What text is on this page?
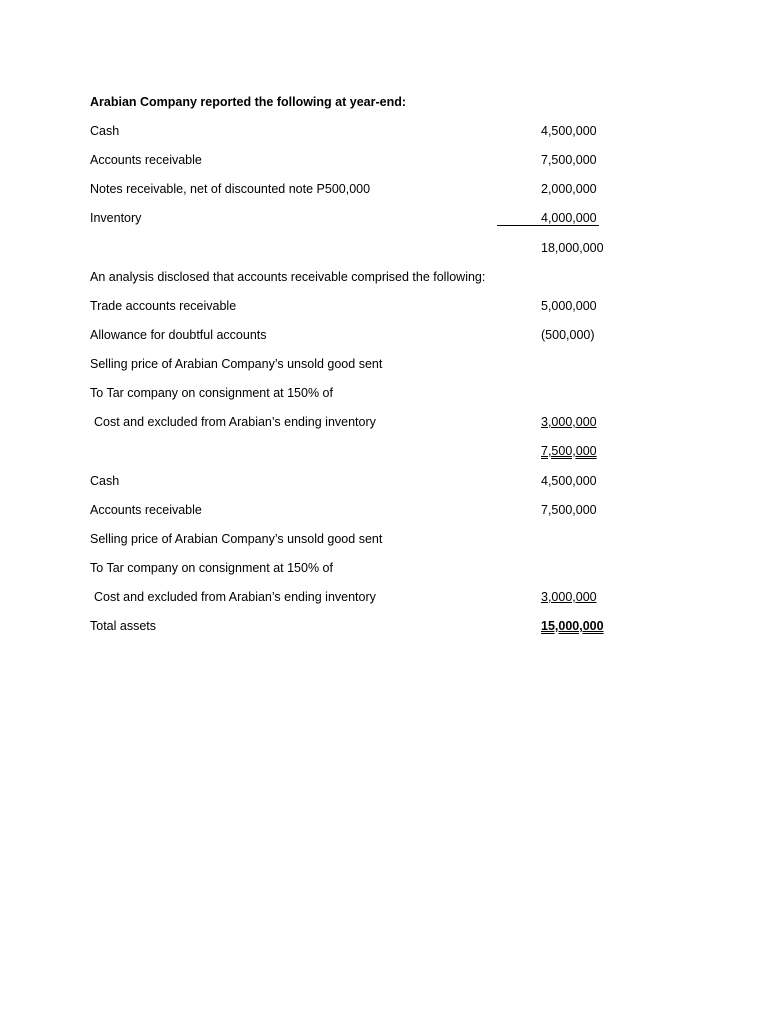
Arabian Company reported the following at year-end:
Cash	4,500,000
Accounts receivable	7,500,000
Notes receivable, net of discounted note P500,000	2,000,000
Inventory	4,000,000
18,000,000
An analysis disclosed that accounts receivable comprised the following:
Trade accounts receivable	5,000,000
Allowance for doubtful accounts	(500,000)
Selling price of Arabian Company’s unsold good sent
To Tar company on consignment at 150% of
Cost and excluded from Arabian’s ending inventory	3,000,000
7,500,000
Cash	4,500,000
Accounts receivable	7,500,000
Selling price of Arabian Company’s unsold good sent
To Tar company on consignment at 150% of
Cost and excluded from Arabian’s ending inventory	3,000,000
Total assets	15,000,000
